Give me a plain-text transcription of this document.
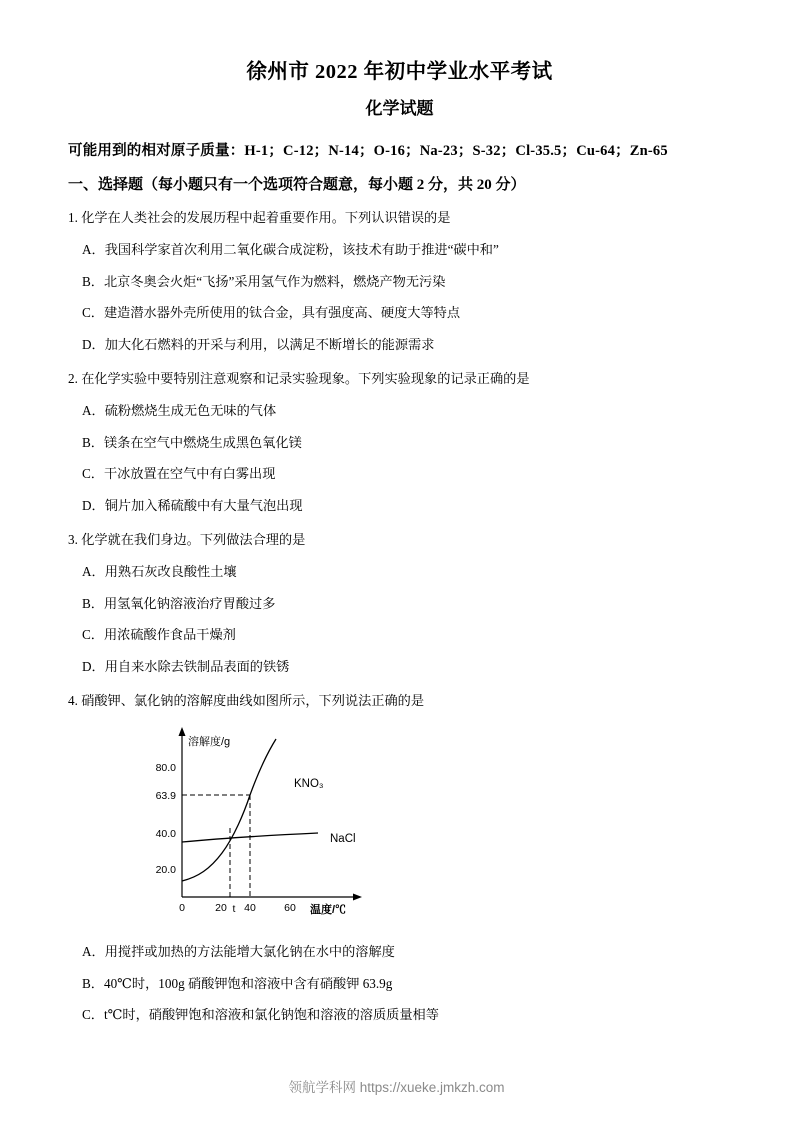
徐州市 2022 年初中学业水平考试
化学试题
可能用到的相对原子质量：H-1；C-12；N-14；O-16；Na-23；S-32；Cl-35.5；Cu-64；Zn-65
一、选择题（每小题只有一个选项符合题意，每小题 2 分，共 20 分）
1. 化学在人类社会的发展历程中起着重要作用。下列认识错误的是
A．我国科学家首次利用二氧化碳合成淀粉，该技术有助于推进“碳中和”
B．北京冬奥会火炬“飞扬”采用氢气作为燃料，燃烧产物无污染
C．建造潜水器外壳所使用的钛合金，具有强度高、硬度大等特点
D．加大化石燃料的开采与利用，以满足不断增长的能源需求
2. 在化学实验中要特别注意观察和记录实验现象。下列实验现象的记录正确的是
A．硫粉燃烧生成无色无味的气体
B．镁条在空气中燃烧生成黑色氧化镁
C．干冰放置在空气中有白雾出现
D．铜片加入稀硫酸中有大量气泡出现
3. 化学就在我们身边。下列做法合理的是
A．用熟石灰改良酸性土壤
B．用氢氧化钠溶液治疗胃酸过多
C．用浓硫酸作食品干燥剂
D．用自来水除去铁制品表面的铁锈
4. 硝酸钾、氯化钠的溶解度曲线如图所示，下列说法正确的是
80.0
63.9
40.0
20.0
溶解度/g
0	20 t 40	60 温度/℃
KNO₃
NaCl
A．用搅拌或加热的方法能增大氯化钠在水中的溶解度
B．40℃时，100g 硝酸钾饱和溶液中含有硝酸钾 63.9g
C．t℃时，硝酸钾饱和溶液和氯化钠饱和溶液的溶质质量相等
领航学科网 https://xueke.jmkzh.com
